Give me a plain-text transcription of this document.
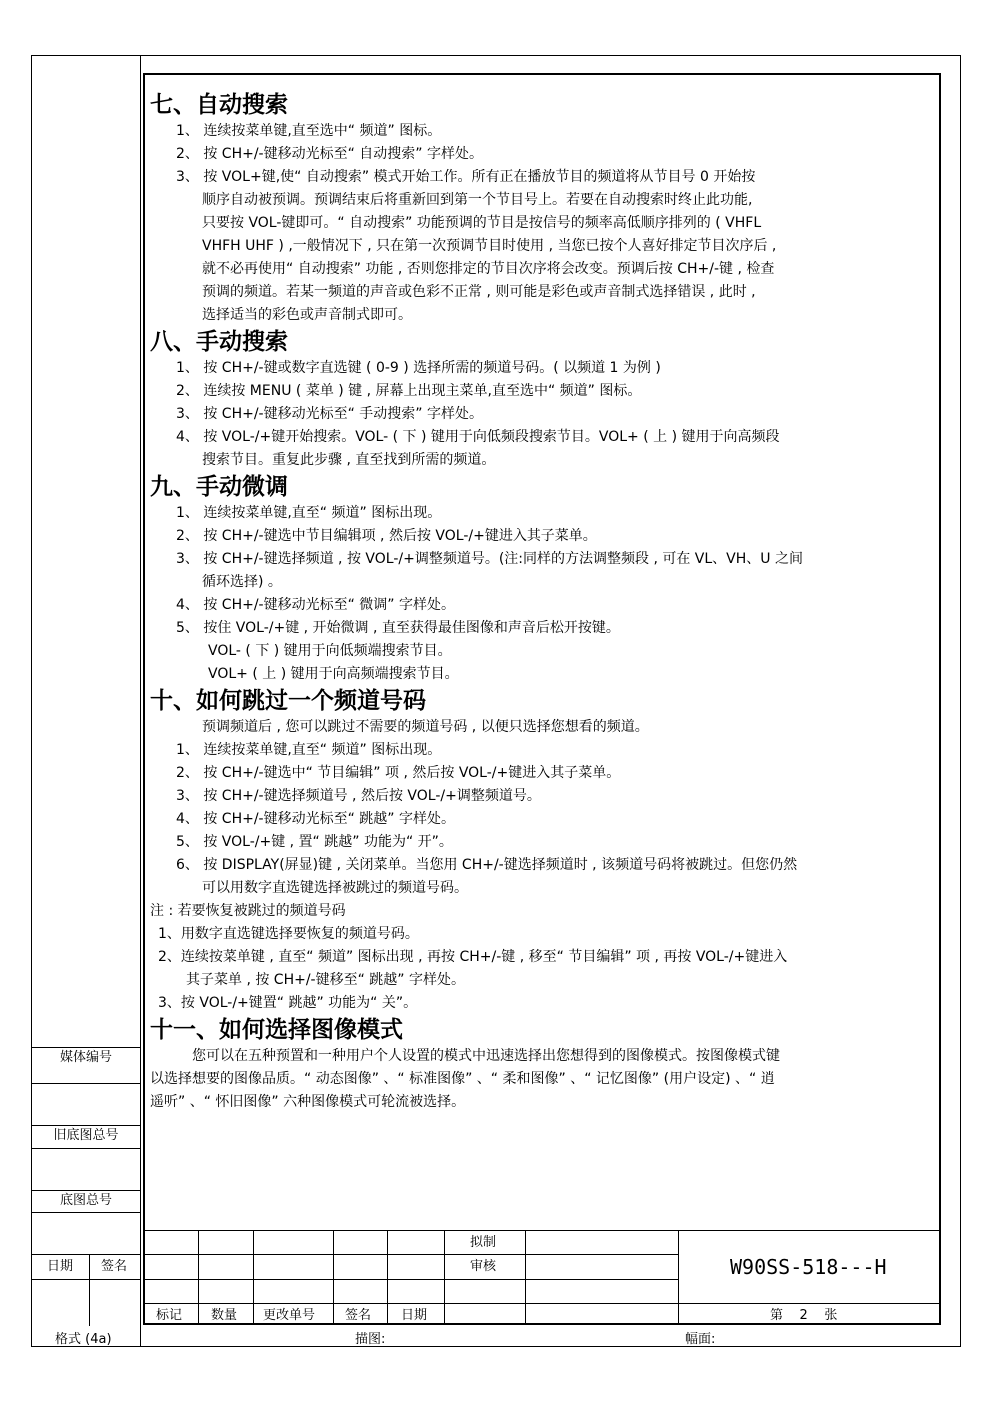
七、自动搜索

1、 连续按菜单键,直至选中“ 频道” 图标。

2、 按 CH+/-键移动光标至“ 自动搜索” 字样处。

3、 按 VOL+键,使“ 自动搜索” 模式开始工作。所有正在播放节目的频道将从节目号 0 开始按

顺序自动被预调。预调结束后将重新回到第一个节目号上。若要在自动搜索时终止此功能,

只要按 VOL-键即可。“ 自动搜索” 功能预调的节目是按信号的频率高低顺序排列的 ( VHFL

VHFH UHF ) ,一般情况下 , 只在第一次预调节目时使用 , 当您已按个人喜好排定节目次序后 ,

就不必再使用“ 自动搜索” 功能 , 否则您排定的节目次序将会改变。预调后按 CH+/-键 , 检查

预调的频道。若某一频道的声音或色彩不正常 , 则可能是彩色或声音制式选择错误 , 此时 ,

选择适当的彩色或声音制式即可。

八、手动搜索

1、 按 CH+/-键或数字直选键 ( 0-9 ) 选择所需的频道号码。( 以频道 1 为例 )

2、 连续按 MENU ( 菜单 ) 键 , 屏幕上出现主菜单,直至选中“ 频道” 图标。

3、 按 CH+/-键移动光标至“ 手动搜索” 字样处。

4、 按 VOL-/+键开始搜索。VOL- ( 下 ) 键用于向低频段搜索节目。VOL+ ( 上 ) 键用于向高频段

搜索节目。重复此步骤 , 直至找到所需的频道。

九、手动微调

1、 连续按菜单键,直至“ 频道” 图标出现。

2、 按 CH+/-键选中节目编辑项 , 然后按 VOL-/+键进入其子菜单。

3、 按 CH+/-键选择频道 , 按 VOL-/+调整频道号。(注:同样的方法调整频段 , 可在 VL、VH、U 之间

循环选择) 。

4、 按 CH+/-键移动光标至“ 微调” 字样处。

5、 按住 VOL-/+键 , 开始微调 , 直至获得最佳图像和声音后松开按键。

VOL- ( 下 ) 键用于向低频端搜索节目。

VOL+ ( 上 ) 键用于向高频端搜索节目。

十、如何跳过一个频道号码

预调频道后 , 您可以跳过不需要的频道号码 , 以便只选择您想看的频道。

1、 连续按菜单键,直至“ 频道” 图标出现。

2、 按 CH+/-键选中“ 节目编辑” 项 , 然后按 VOL-/+键进入其子菜单。

3、 按 CH+/-键选择频道号 , 然后按 VOL-/+调整频道号。

4、 按 CH+/-键移动光标至“ 跳越” 字样处。

5、 按 VOL-/+键 , 置“ 跳越” 功能为“ 开”。

6、 按 DISPLAY(屏显)键 , 关闭菜单。当您用 CH+/-键选择频道时 , 该频道号码将被跳过。但您仍然

可以用数字直选键选择被跳过的频道号码。

注 : 若要恢复被跳过的频道号码

1、用数字直选键选择要恢复的频道号码。

2、连续按菜单键 , 直至“ 频道” 图标出现 , 再按 CH+/-键 , 移至“ 节目编辑” 项 , 再按 VOL-/+键进入

其子菜单 , 按 CH+/-键移至“ 跳越” 字样处。

3、按 VOL-/+键置“ 跳越” 功能为“ 关”。

十一、如何选择图像模式

您可以在五种预置和一种用户个人设置的模式中迅速选择出您想得到的图像模式。按图像模式键

以选择想要的图像品质。“ 动态图像” 、“ 标准图像” 、“ 柔和图像” 、“ 记忆图像” (用户设定) 、“ 逍

遥听” 、“ 怀旧图像” 六种图像模式可轮流被选择。

媒体编号
旧底图总号
底图总号
日期 签名
拟制
审核
标记 数量 更改单号 签名 日期
W90SS-518---H
第 2 张
格式 (4a)	描图:	幅面:
